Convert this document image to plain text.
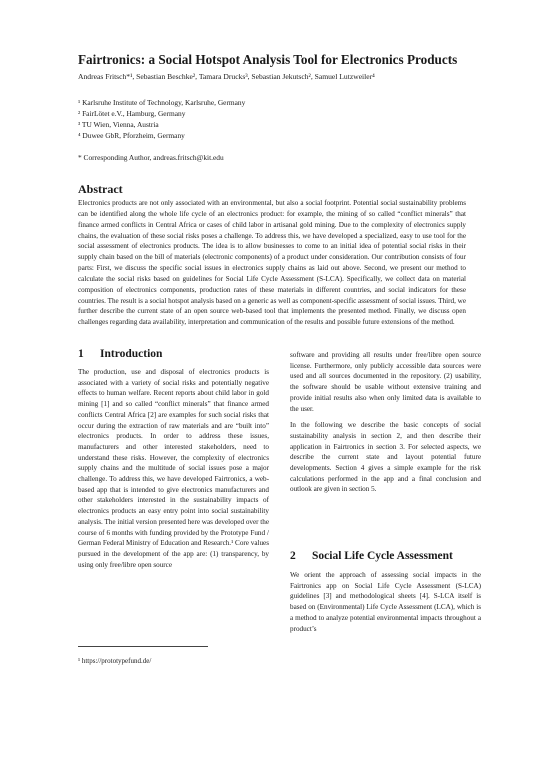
Fairtronics: a Social Hotspot Analysis Tool for Electronics Products
Andreas Fritsch*¹, Sebastian Beschke², Tamara Drucks³, Sebastian Jekutsch², Samuel Lutzweiler⁴
¹ Karlsruhe Institute of Technology, Karlsruhe, Germany
² FairLötet e.V., Hamburg, Germany
³ TU Wien, Vienna, Austria
⁴ Duwee GbR, Pforzheim, Germany
* Corresponding Author, andreas.fritsch@kit.edu
Abstract
Electronics products are not only associated with an environmental, but also a social footprint. Potential social sustainability problems can be identified along the whole life cycle of an electronics product: for example, the mining of so called “conflict minerals” that finance armed conflicts in Central Africa or cases of child labor in artisanal gold mining. Due to the complexity of electronics supply chains, the evaluation of these social risks poses a challenge. To address this, we have developed a specialized, easy to use tool for the social assessment of electronics products. The idea is to allow businesses to come to an initial idea of potential social risks in their supply chain based on the bill of materials (electronic components) of a product under consideration. Our contribution consists of four parts: First, we discuss the specific social issues in electronics supply chains as laid out above. Second, we present our method to calculate the social risks based on guidelines for Social Life Cycle Assessment (S-LCA). Specifically, we collect data on material composition of electronics components, production rates of these materials in different countries, and social indicators for these countries. The result is a social hotspot analysis based on a generic as well as component-specific assessment of social issues. Third, we further describe the current state of an open source web-based tool that implements the presented method. Finally, we discuss open challenges regarding data availability, interpretation and communication of the results and possible future extensions of the method.
1 Introduction

The production, use and disposal of electronics products is associated with a variety of social risks and potentially negative effects to human welfare. Recent reports about child labor in gold mining [1] and so called “conflict minerals” that finance armed conflicts Central Africa [2] are examples for such social risks that occur during the extraction of raw materials and are “built into” electronics products. In order to address these issues, manufacturers and other interested stakeholders, need to understand these risks. However, the complexity of electronics supply chains and the multitude of social issues pose a major challenge. To address this, we have developed Fairtronics, a web-based app that is intended to give electronics manufacturers and other stakeholders interested in the sustainability impacts of electronics products an easy entry point into social sustainability analysis. The initial version presented here was developed over the course of 6 months with funding provided by the Prototype Fund / German Federal Ministry of Education and Research.¹ Core values pursued in the development of the app are: (1) transparency, by using only free/libre open source

software and providing all results under free/libre open source license. Furthermore, only publicly accessible data sources were used and all sources documented in the repository. (2) usability, the software should be usable without extensive training and provide initial results also when only limited data is available to the user.

In the following we describe the basic concepts of social sustainability analysis in section 2, and then describe their application in Fairtronics in section 3. For selected aspects, we describe the current state and layout potential future developments. Section 4 gives a simple example for the risk calculations performed in the app and a final conclusion and outlook are given in section 5.

2 Social Life Cycle Assessment

We orient the approach of assessing social impacts in the Fairtronics app on Social Life Cycle Assessment (S-LCA) guidelines [3] and methodological sheets [4]. S-LCA itself is based on (Environmental) Life Cycle Assessment (LCA), which is a method to analyze potential environmental impacts throughout a product’s

¹ https://prototypefund.de/
